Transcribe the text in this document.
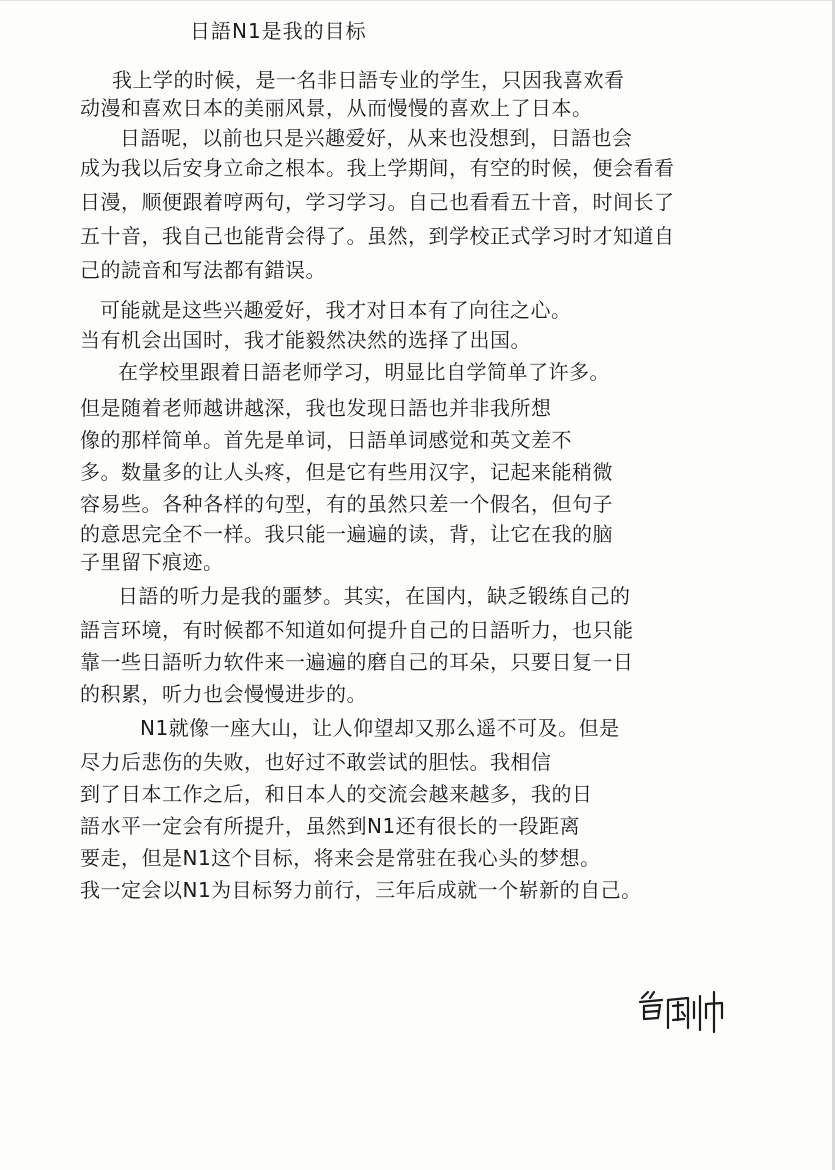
日語N1是我的目标
我上学的时候，是一名非日語专业的学生，只因我喜欢看
动漫和喜欢日本的美丽风景，从而慢慢的喜欢上了日本。
日語呢，以前也只是兴趣爱好，从来也没想到，日語也会
成为我以后安身立命之根本。我上学期间，有空的时候，便会看看
日漫，顺便跟着哼两句，学习学习。自己也看看五十音，时间长了
五十音，我自己也能背会得了。虽然，到学校正式学习时才知道自
己的読音和写法都有錯误。
可能就是这些兴趣爱好，我才对日本有了向往之心。
当有机会出国时，我才能毅然决然的选择了出国。
在学校里跟着日語老师学习，明显比自学简单了许多。
但是随着老师越讲越深，我也发现日語也并非我所想
像的那样简单。首先是单词，日語单词感觉和英文差不
多。数量多的让人头疼，但是它有些用汉字，记起来能稍微
容易些。各种各样的句型，有的虽然只差一个假名，但句子
的意思完全不一样。我只能一遍遍的读，背，让它在我的脑
子里留下痕迹。
日語的听力是我的噩梦。其实，在国内，缺乏锻练自己的
語言环境，有时候都不知道如何提升自己的日語听力，也只能
靠一些日語听力软件来一遍遍的磨自己的耳朵，只要日复一日
的积累，听力也会慢慢进步的。
N1就像一座大山，让人仰望却又那么遥不可及。但是
尽力后悲伤的失败，也好过不敢尝试的胆怯。我相信
到了日本工作之后，和日本人的交流会越来越多，我的日
語水平一定会有所提升，虽然到N1还有很长的一段距离
要走，但是N1这个目标，将来会是常驻在我心头的梦想。
我一定会以N1为目标努力前行，三年后成就一个崭新的自己。
